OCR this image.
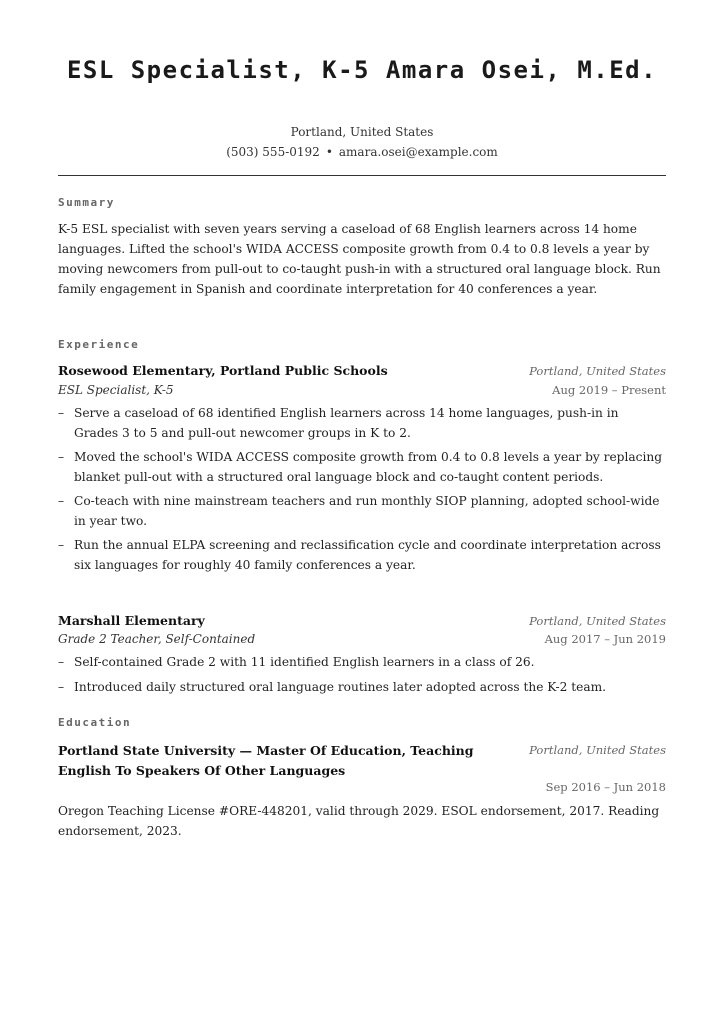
ESL Specialist, K-5 Amara Osei, M.Ed.
Portland, United States
(503) 555-0192 • amara.osei@example.com
Summary

K-5 ESL specialist with seven years serving a caseload of 68 English learners across 14 home languages. Lifted the school's WIDA ACCESS composite growth from 0.4 to 0.8 levels a year by moving newcomers from pull-out to co-taught push-in with a structured oral language block. Run family engagement in Spanish and coordinate interpretation for 40 conferences a year.

Experience
Rosewood Elementary, Portland Public Schools	Portland, United States
ESL Specialist, K-5	Aug 2019 – Present
– Serve a caseload of 68 identified English learners across 14 home languages, push-in in Grades 3 to 5 and pull-out newcomer groups in K to 2.
– Moved the school's WIDA ACCESS composite growth from 0.4 to 0.8 levels a year by replacing blanket pull-out with a structured oral language block and co-taught content periods.
– Co-teach with nine mainstream teachers and run monthly SIOP planning, adopted school-wide in year two.
– Run the annual ELPA screening and reclassification cycle and coordinate interpretation across six languages for roughly 40 family conferences a year.
Marshall Elementary	Portland, United States
Grade 2 Teacher, Self-Contained	Aug 2017 – Jun 2019
– Self-contained Grade 2 with 11 identified English learners in a class of 26.
– Introduced daily structured oral language routines later adopted across the K-2 team.
Education
Portland State University — Master Of Education, Teaching English To Speakers Of Other Languages
Portland, United States
Sep 2016 – Jun 2018

Oregon Teaching License #ORE-448201, valid through 2029. ESOL endorsement, 2017. Reading endorsement, 2023.
